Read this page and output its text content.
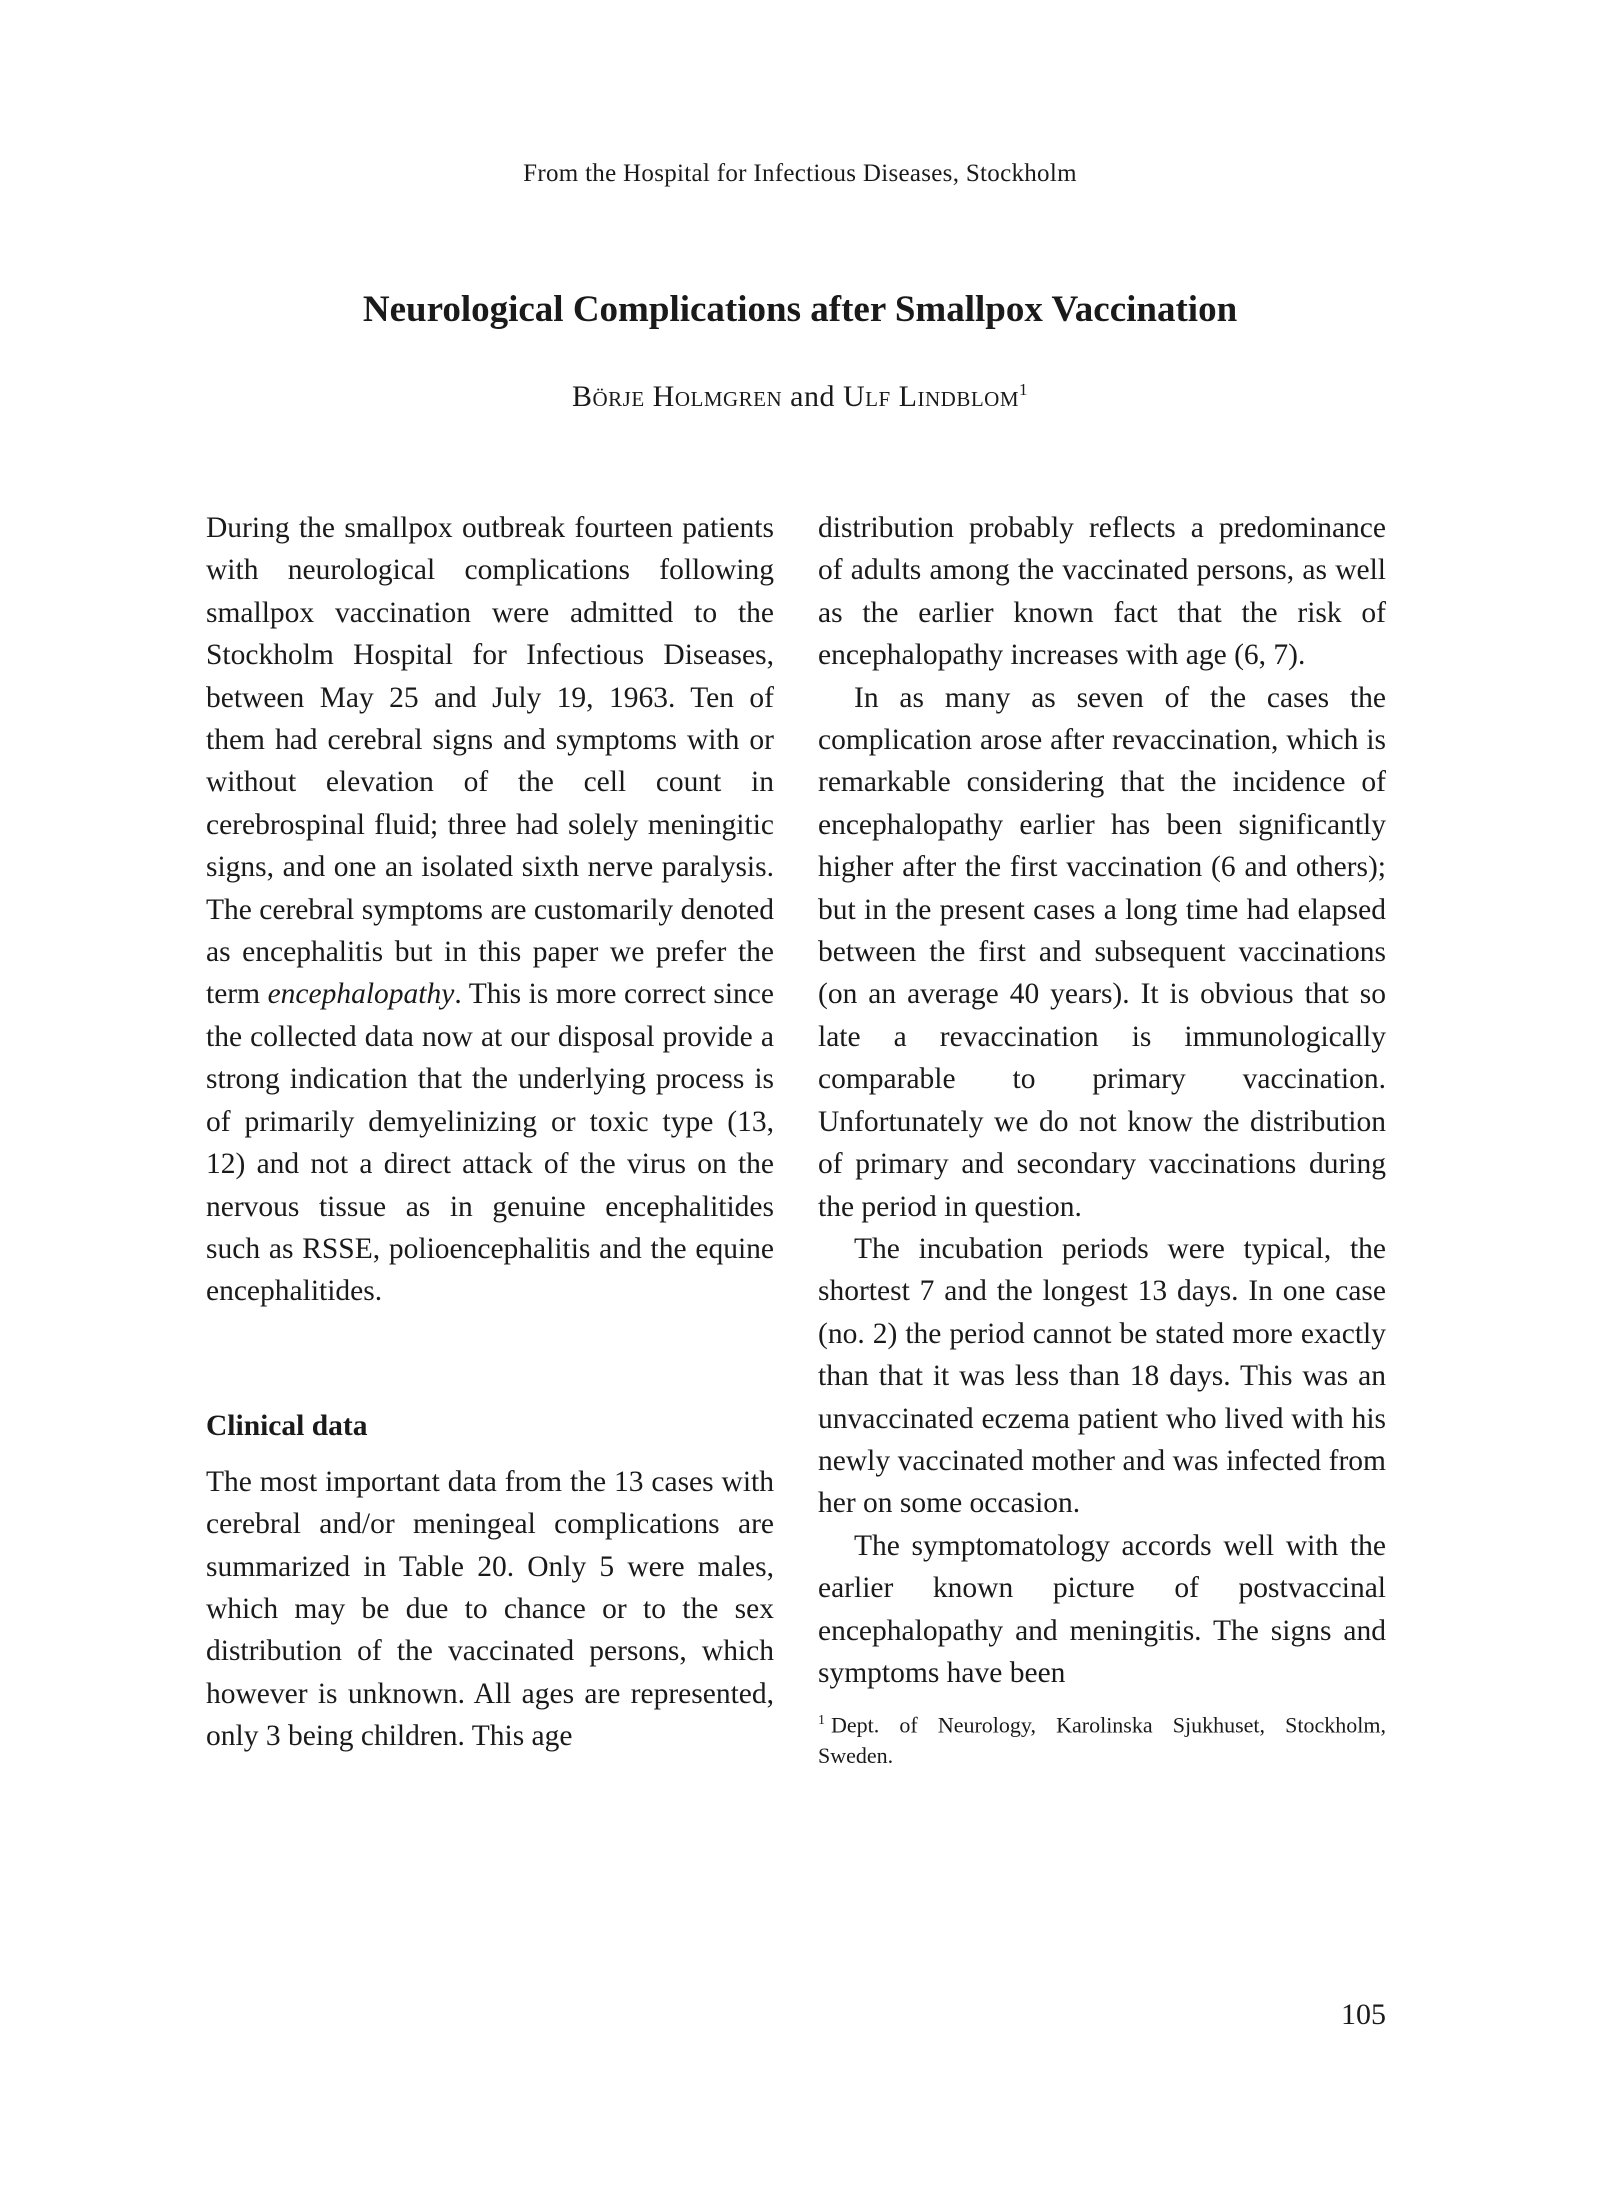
From the Hospital for Infectious Diseases, Stockholm
Neurological Complications after Smallpox Vaccination
Börje Holmgren and Ulf Lindblom$^1$

During the smallpox outbreak fourteen patients with neurological complications following smallpox vaccination were admitted to the Stockholm Hospital for Infectious Diseases, between May 25 and July 19, 1963. Ten of them had cerebral signs and symptoms with or without elevation of the cell count in cerebrospinal fluid; three had solely meningitic signs, and one an isolated sixth nerve paralysis. The cerebral symptoms are customarily denoted as encephalitis but in this paper we prefer the term encephalopathy. This is more correct since the collected data now at our disposal provide a strong indication that the underlying process is of primarily demyelinizing or toxic type (13, 12) and not a direct attack of the virus on the nervous tissue as in genuine encephalitides such as RSSE, polioencephalitis and the equine encephalitides.

Clinical data

The most important data from the 13 cases with cerebral and/or meningeal complications are summarized in Table 20. Only 5 were males, which may be due to chance or to the sex distribution of the vaccinated persons, which however is unknown. All ages are represented, only 3 being children. This age

distribution probably reflects a predominance of adults among the vaccinated persons, as well as the earlier known fact that the risk of encephalopathy increases with age (6, 7).

In as many as seven of the cases the complication arose after revaccination, which is remarkable considering that the incidence of encephalopathy earlier has been significantly higher after the first vaccination (6 and others); but in the present cases a long time had elapsed between the first and subsequent vaccinations (on an average 40 years). It is obvious that so late a revaccination is immunologically comparable to primary vaccination. Unfortunately we do not know the distribution of primary and secondary vaccinations during the period in question.

The incubation periods were typical, the shortest 7 and the longest 13 days. In one case (no. 2) the period cannot be stated more exactly than that it was less than 18 days. This was an unvaccinated eczema patient who lived with his newly vaccinated mother and was infected from her on some occasion.

The symptomatology accords well with the earlier known picture of postvaccinal encephalopathy and meningitis. The signs and symptoms have been

$^1$ Dept. of Neurology, Karolinska Sjukhuset, Stockholm, Sweden.
105
